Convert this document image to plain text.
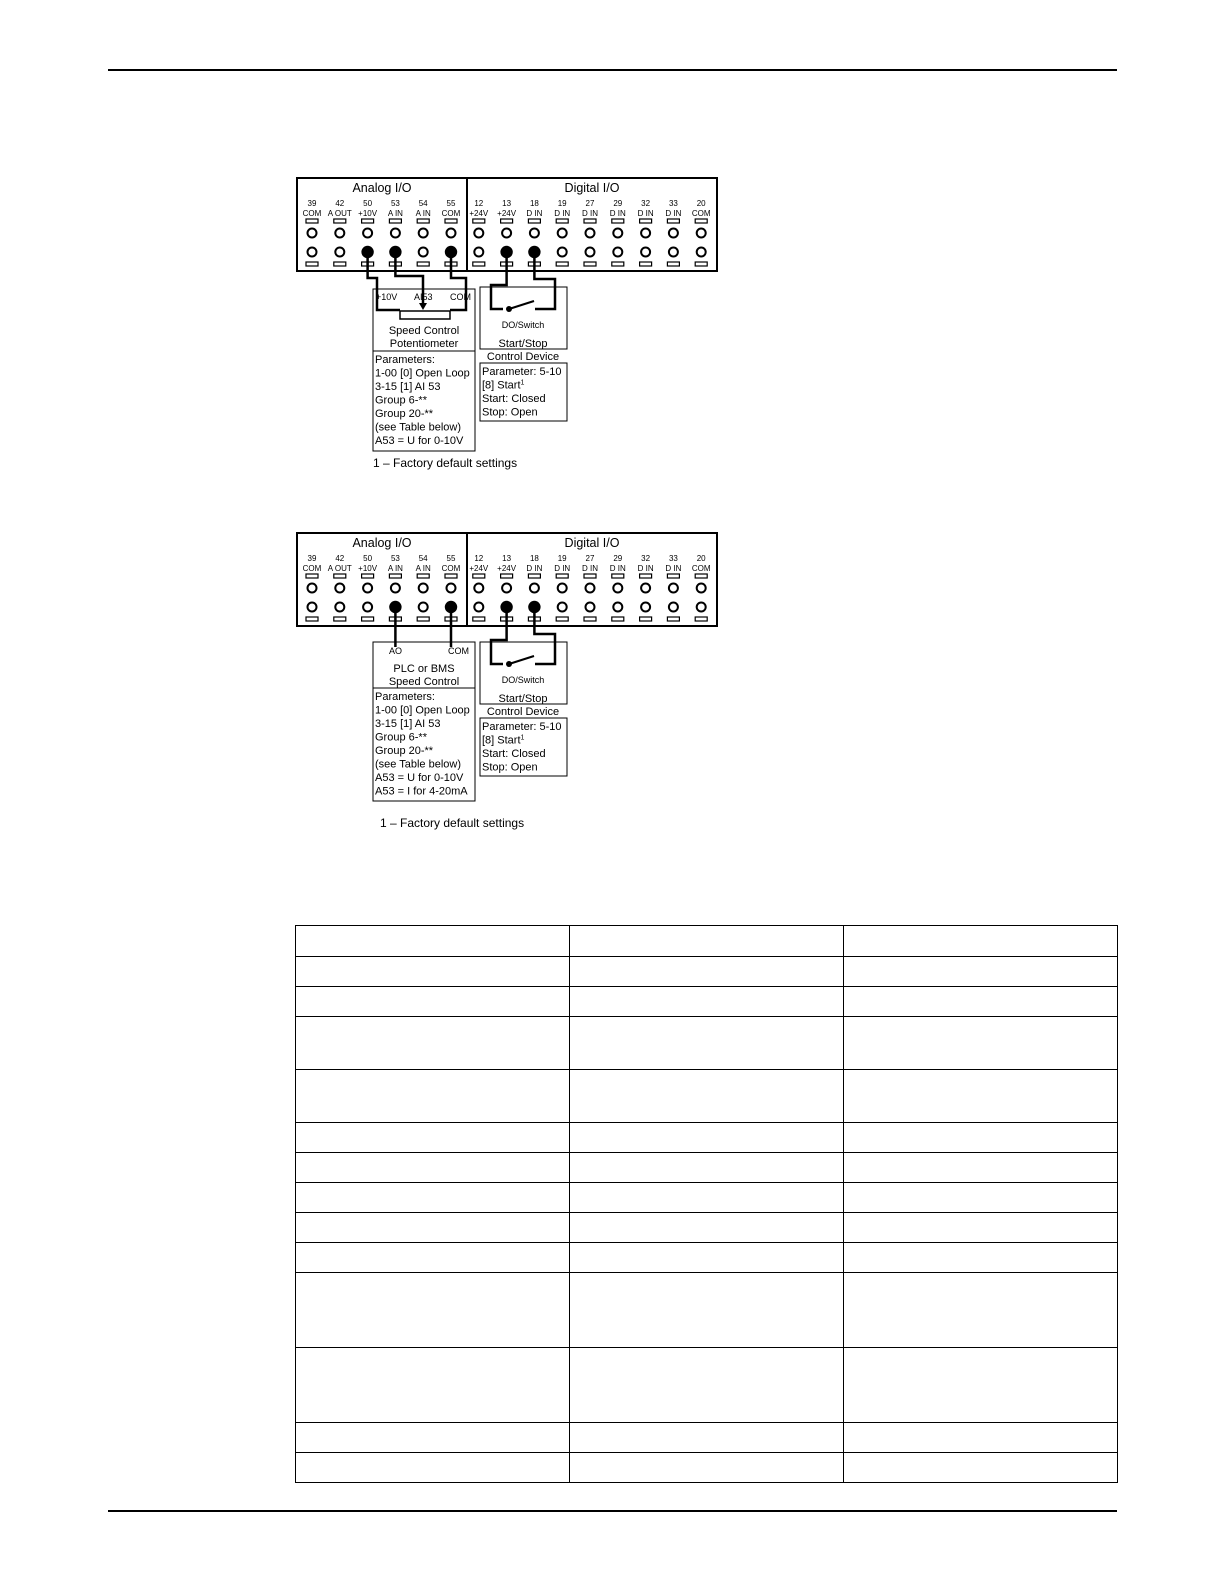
Analog I/O	Digital I/O
39
COM
42
A OUT
50
+10V
53
A IN
54
A IN
55
COM
12
+24V
13
+24V
18
D IN
19
D IN
27
D IN
29
D IN
32
D IN
33
D IN
20
COM
+10V AI53 COM
Speed Control
Potentiometer
Parameters:
1-00 [0] Open Loop
3-15 [1] AI 53
Group 6-**
Group 20-**
(see Table below)
A53 = U for 0-10V
DO/Switch
Start/Stop
Control Device
Parameter: 5-10
[8] Start$^1$
Start: Closed
Stop: Open
1 – Factory default settings
Analog I/O	Digital I/O
39
COM
42
A OUT
50
+10V
53
A IN
54
A IN
55
COM
12
+24V
13
+24V
18
D IN
19
D IN
27
D IN
29
D IN
32
D IN
33
D IN
20
COM
AO	COM
PLC or BMS
Speed Control
Parameters:
1-00 [0] Open Loop
3-15 [1] AI 53
Group 6-**
Group 20-**
(see Table below)
A53 = U for 0-10V
A53 = I for 4-20mA
DO/Switch
Start/Stop
Control Device
Parameter: 5-10
[8] Start$^1$
Start: Closed
Stop: Open
1 – Factory default settings
